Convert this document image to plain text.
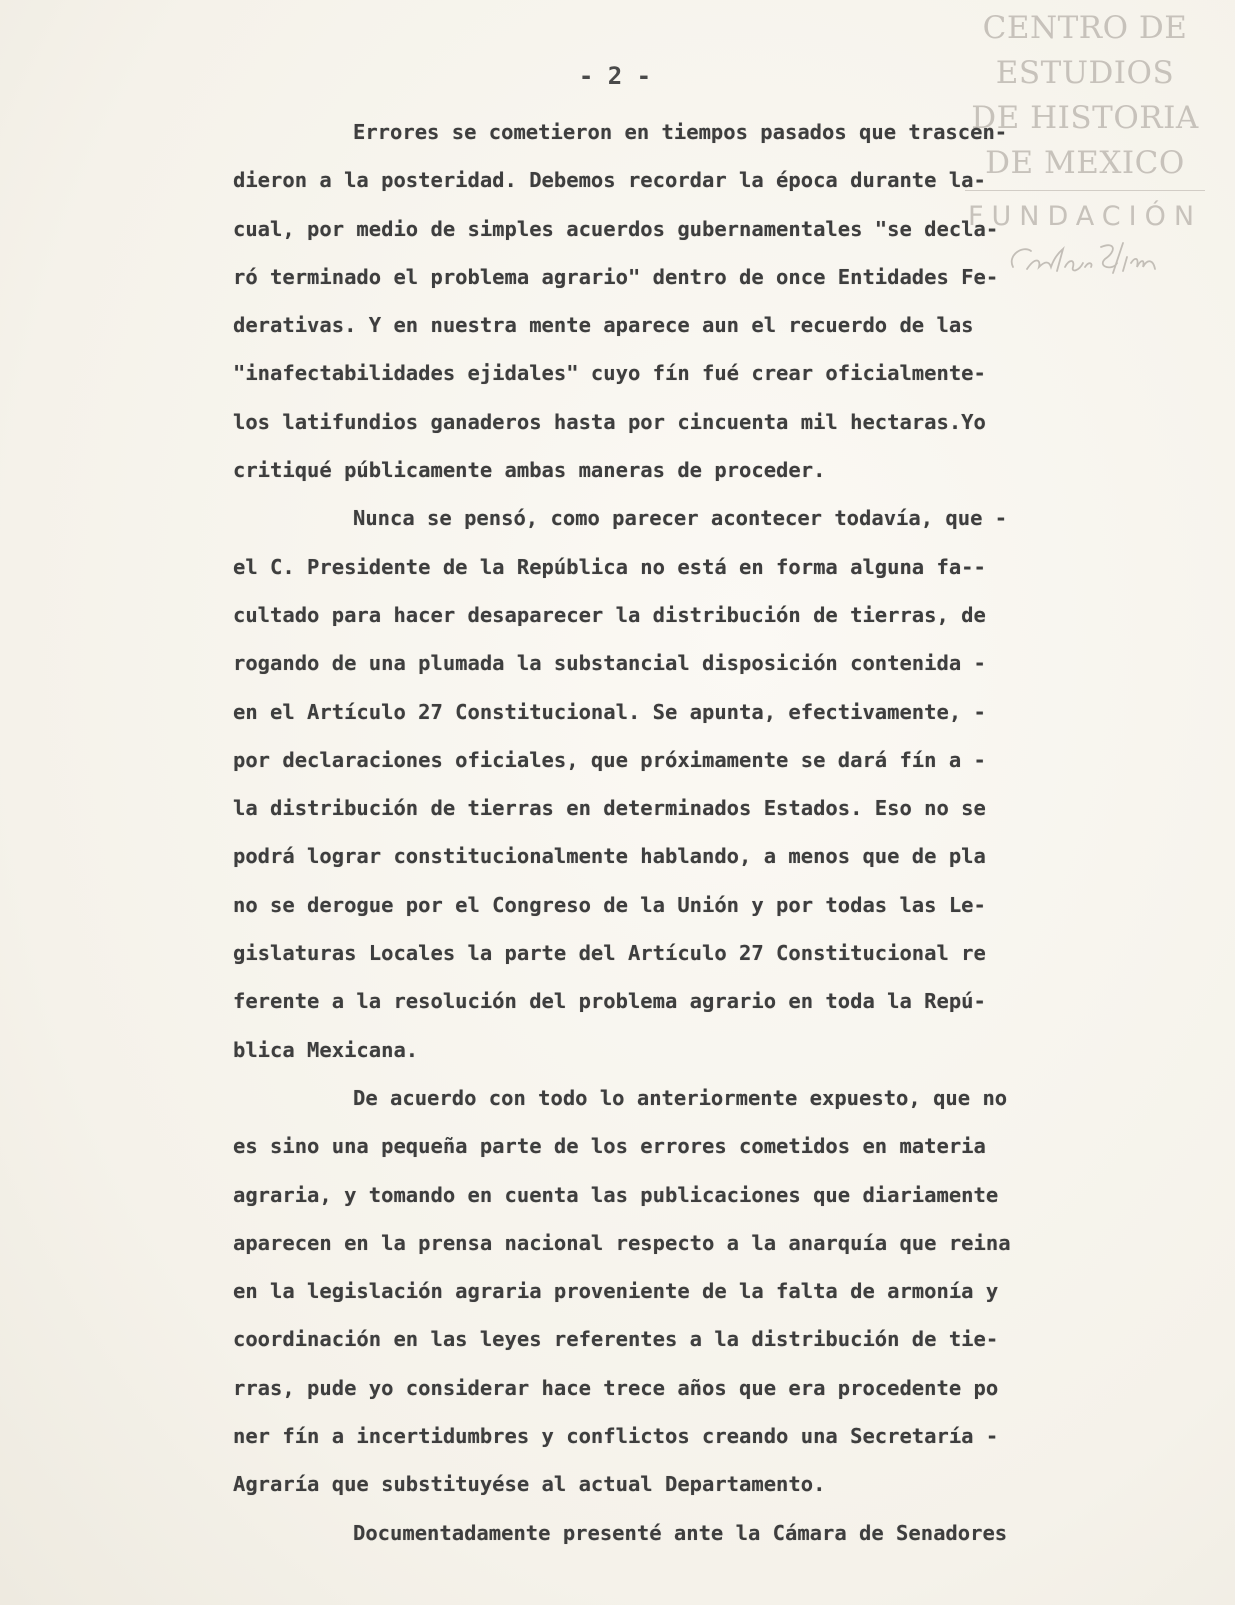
CENTRO DE
ESTUDIOS
DE HISTORIA
DE MEXICO
FUNDACIÓN
- 2 -
Errores se cometieron en tiempos pasados que trascen-
dieron a la posteridad. Debemos recordar la época durante la-
cual, por medio de simples acuerdos gubernamentales "se decla-
ró terminado el problema agrario" dentro de once Entidades Fe-
derativas. Y en nuestra mente aparece aun el recuerdo de las
"inafectabilidades ejidales" cuyo fín fué crear oficialmente-
los latifundios ganaderos hasta por cincuenta mil hectaras.Yo
critiqué públicamente ambas maneras de proceder.
Nunca se pensó, como parecer acontecer todavía, que -
el C. Presidente de la República no está en forma alguna fa--
cultado para hacer desaparecer la distribución de tierras, de
rogando de una plumada la substancial disposición contenida -
en el Artículo 27 Constitucional. Se apunta, efectivamente, -
por declaraciones oficiales, que próximamente se dará fín a -
la distribución de tierras en determinados Estados. Eso no se
podrá lograr constitucionalmente hablando, a menos que de pla
no se derogue por el Congreso de la Unión y por todas las Le-
gislaturas Locales la parte del Artículo 27 Constitucional re
ferente a la resolución del problema agrario en toda la Repú-
blica Mexicana.
De acuerdo con todo lo anteriormente expuesto, que no
es sino una pequeña parte de los errores cometidos en materia
agraria, y tomando en cuenta las publicaciones que diariamente
aparecen en la prensa nacional respecto a la anarquía que reina
en la legislación agraria proveniente de la falta de armonía y
coordinación en las leyes referentes a la distribución de tie-
rras, pude yo considerar hace trece años que era procedente po
ner fín a incertidumbres y conflictos creando una Secretaría -
Agraría que substituyése al actual Departamento.
Documentadamente presenté ante la Cámara de Senadores
